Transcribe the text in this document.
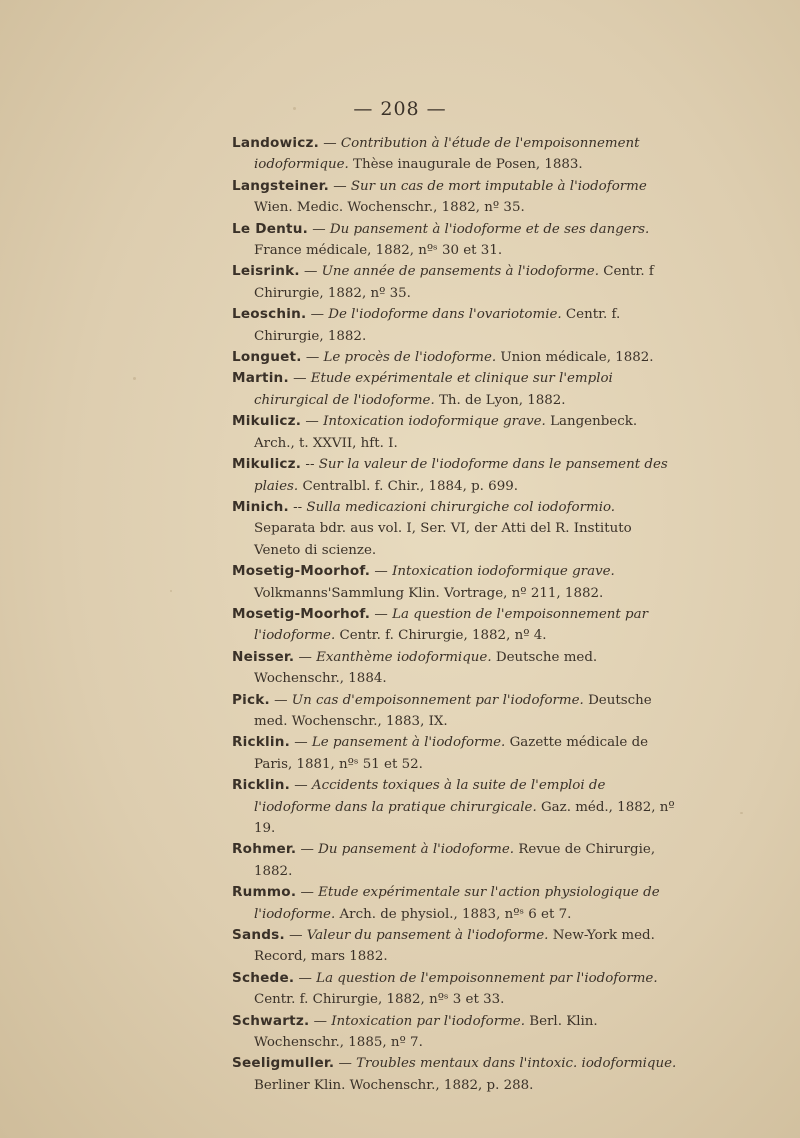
— 208 —

Landowicz. — Contribution à l'étude de l'empoisonnement iodoformique. Thèse inaugurale de Posen, 1883.

Langsteiner. — Sur un cas de mort imputable à l'iodoforme Wien. Medic. Wochenschr., 1882, nº 35.

Le Dentu. — Du pansement à l'iodoforme et de ses dangers. France médicale, 1882, nºˢ 30 et 31.

Leisrink. — Une année de pansements à l'iodoforme. Centr. f Chirurgie, 1882, nº 35.

Leoschin. — De l'iodoforme dans l'ovariotomie. Centr. f. Chirurgie, 1882.

Longuet. — Le procès de l'iodoforme. Union médicale, 1882.

Martin. — Etude expérimentale et clinique sur l'emploi chirurgical de l'iodoforme. Th. de Lyon, 1882.

Mikulicz. — Intoxication iodoformique grave. Langenbeck. Arch., t. XXVII, hft. I.

Mikulicz. -- Sur la valeur de l'iodoforme dans le pansement des plaies. Centralbl. f. Chir., 1884, p. 699.

Minich. -- Sulla medicazioni chirurgiche col iodoformio. Separata bdr. aus vol. I, Ser. VI, der Atti del R. Instituto Veneto di scienze.

Mosetig-Moorhof. — Intoxication iodoformique grave. Volkmanns'Sammlung Klin. Vortrage, nº 211, 1882.

Mosetig-Moorhof. — La question de l'empoisonnement par l'iodoforme. Centr. f. Chirurgie, 1882, nº 4.

Neisser. — Exanthème iodoformique. Deutsche med. Wochenschr., 1884.

Pick. — Un cas d'empoisonnement par l'iodoforme. Deutsche med. Wochenschr., 1883, IX.

Ricklin. — Le pansement à l'iodoforme. Gazette médicale de Paris, 1881, nºˢ 51 et 52.

Ricklin. — Accidents toxiques à la suite de l'emploi de l'iodoforme dans la pratique chirurgicale. Gaz. méd., 1882, nº 19.

Rohmer. — Du pansement à l'iodoforme. Revue de Chirurgie, 1882.

Rummo. — Etude expérimentale sur l'action physiologique de l'iodoforme. Arch. de physiol., 1883, nºˢ 6 et 7.

Sands. — Valeur du pansement à l'iodoforme. New-York med. Record, mars 1882.

Schede. — La question de l'empoisonnement par l'iodoforme. Centr. f. Chirurgie, 1882, nºˢ 3 et 33.

Schwartz. — Intoxication par l'iodoforme. Berl. Klin. Wochenschr., 1885, nº 7.

Seeligmuller. — Troubles mentaux dans l'intoxic. iodoformique. Berliner Klin. Wochenschr., 1882, p. 288.
